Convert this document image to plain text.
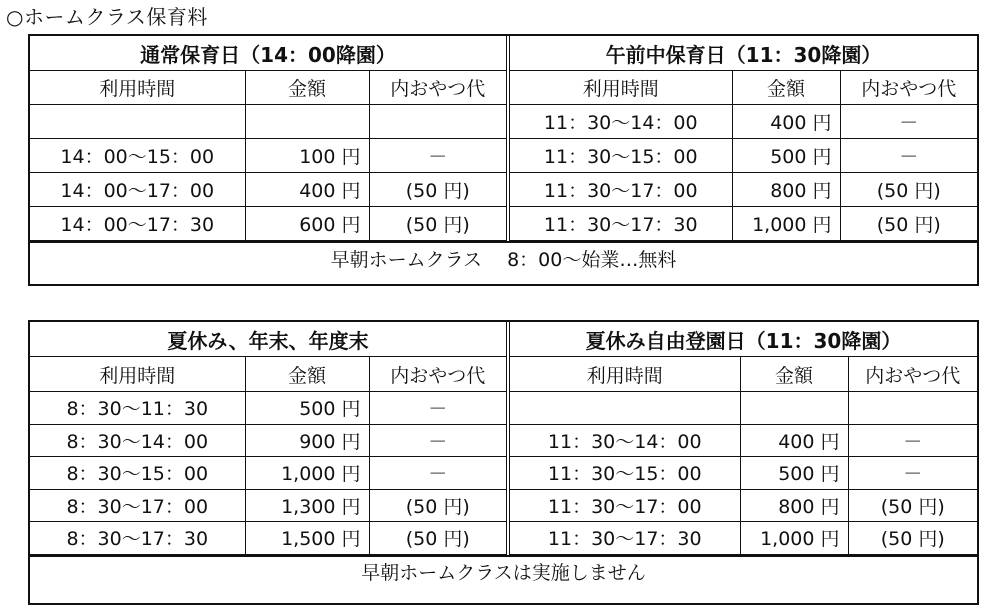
○ホームクラス保育料
通常保育日（14：00降園）		
利用時間	金額	内おやつ代

14：00〜15：00	100 円	－
14：00〜17：00	400 円	(50 円)
14：00〜17：30	600 円	(50 円)
午前中保育日（11：30降園）		
利用時間	金額	内おやつ代
11：30〜14：00	400 円	－
11：30〜15：00	500 円	－
11：30〜17：00	800 円	(50 円)
11：30〜17：30	1,000 円	(50 円)
早朝ホームクラス　 8：00〜始業…無料
夏休み、年末、年度末		
利用時間	金額	内おやつ代
8：30〜11：30	500 円	－
8：30〜14：00	900 円	－
8：30〜15：00	1,000 円	－
8：30〜17：00	1,300 円	(50 円)
8：30〜17：30	1,500 円	(50 円)
夏休み自由登園日（11：30降園）		
利用時間	金額	内おやつ代

11：30〜14：00	400 円	－
11：30〜15：00	500 円	－
11：30〜17：00	800 円	(50 円)
11：30〜17：30	1,000 円	(50 円)
早朝ホームクラスは実施しません
